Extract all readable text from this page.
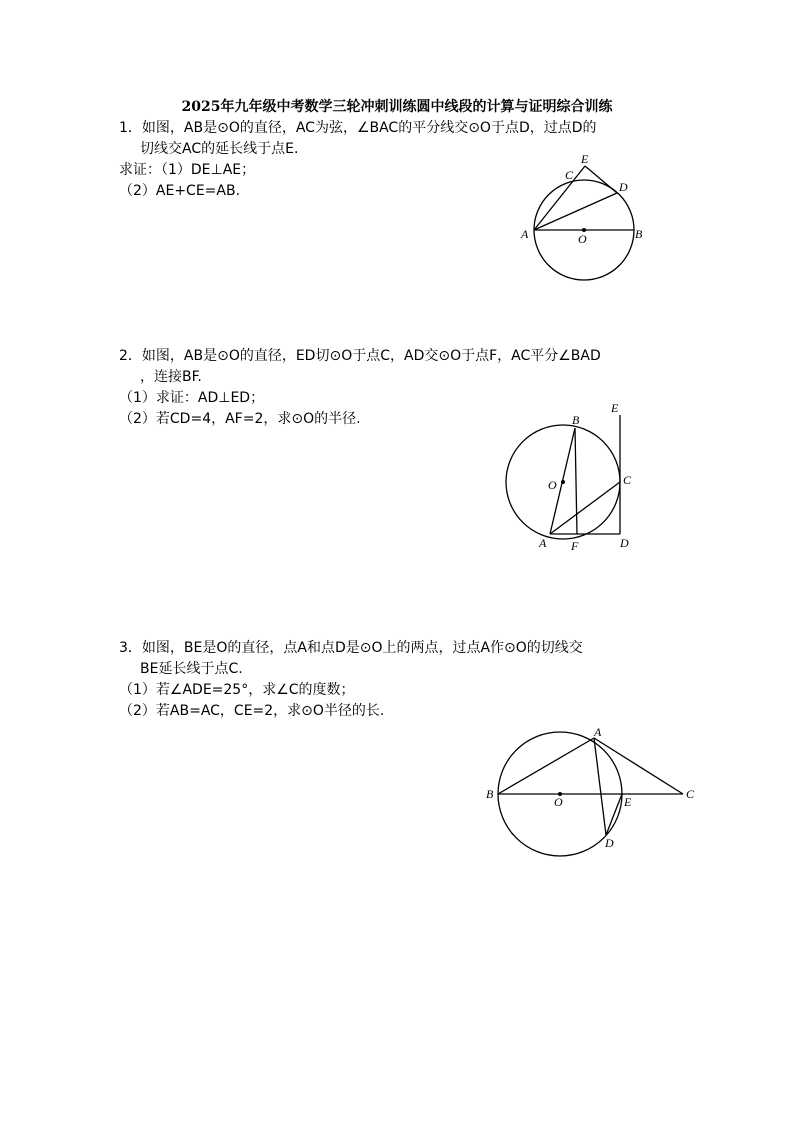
2025年九年级中考数学三轮冲刺训练圆中线段的计算与证明综合训练
1．如图，AB是⊙O的直径，AC为弦，∠BAC的平分线交⊙O于点D，过点D的
切线交AC的延长线于点E.
求证：（1）DE⊥AE；
（2）AE+CE=AB.
E
C
D
A	O	B
2．如图，AB是⊙O的直径，ED切⊙O于点C，AD交⊙O于点F，AC平分∠BAD
，连接BF.
（1）求证：AD⊥ED；
（2）若CD=4，AF=2，求⊙O的半径.	B
E
O	C
A F	D
3．如图，BE是O的直径，点A和点D是⊙O上的两点，过点A作⊙O的切线交
BE延长线于点C.
（1）若∠ADE=25°，求∠C的度数；
（2）若AB=AC，CE=2，求⊙O半径的长.
A
B
O	E
C
D
